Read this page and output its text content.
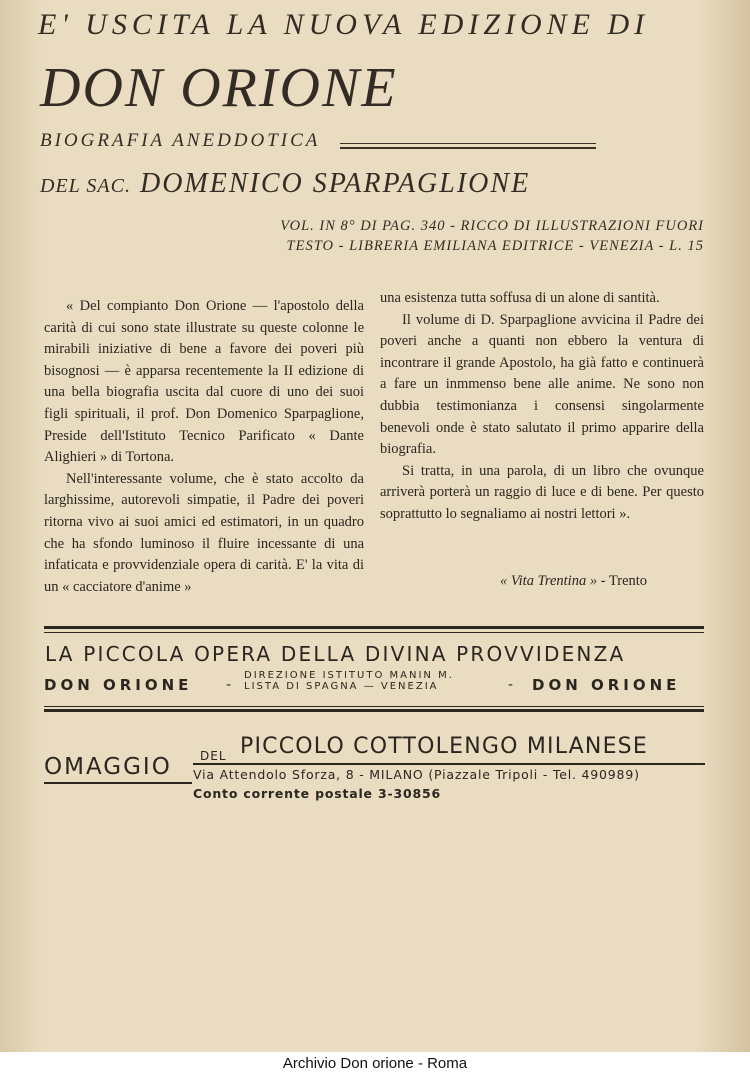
E' USCITA LA NUOVA EDIZIONE DI
DON ORIONE
BIOGRAFIA ANEDDOTICA
DEL SAC. DOMENICO SPARPAGLIONE
VOL. IN 8° DI PAG. 340 - RICCO DI ILLUSTRAZIONI FUORI
TESTO - LIBRERIA EMILIANA EDITRICE - VENEZIA - L. 15

« Del compianto Don Orione — l'apostolo della carità di cui sono state illustrate su queste colonne le mirabili iniziative di bene a favore dei poveri più bisognosi — è apparsa recentemente la II edizione di una bella biografia uscita dal cuore di uno dei suoi figli spirituali, il prof. Don Domenico Sparpaglione, Preside dell'Istituto Tecnico Parificato « Dante Alighieri » di Tortona.

Nell'interessante volume, che è stato accolto da larghissime, autorevoli simpatie, il Padre dei poveri ritorna vivo ai suoi amici ed estimatori, in un quadro che ha sfondo luminoso il fluire incessante di una infaticata e provvidenziale opera di carità. E' la vita di un « cacciatore d'anime »

una esistenza tutta soffusa di un alone di santità.

Il volume di D. Sparpaglione avvicina il Padre dei poveri anche a quanti non ebbero la ventura di incontrare il grande Apostolo, ha già fatto e continuerà a fare un inmmenso bene alle anime. Ne sono non dubbia testimonianza i consensi singolarmente benevoli onde è stato salutato il primo apparire della biografia.

Si tratta, in una parola, di un libro che ovunque arriverà porterà un raggio di luce e di bene. Per questo soprattutto lo segnaliamo ai nostri lettori ».

« Vita Trentina » - Trento
LA PICCOLA OPERA DELLA DIVINA PROVVIDENZA
DON ORIONE -
DIREZIONE ISTITUTO MANIN M.
LISTA DI SPAGNA — VENEZIA	- DON ORIONE
OMAGGIO DEL PICCOLO COTTOLENGO MILANESE
Via Attendolo Sforza, 8 - MILANO (Piazzale Tripoli - Tel. 490989)
Conto corrente postale 3-30856
Archivio Don orione - Roma
